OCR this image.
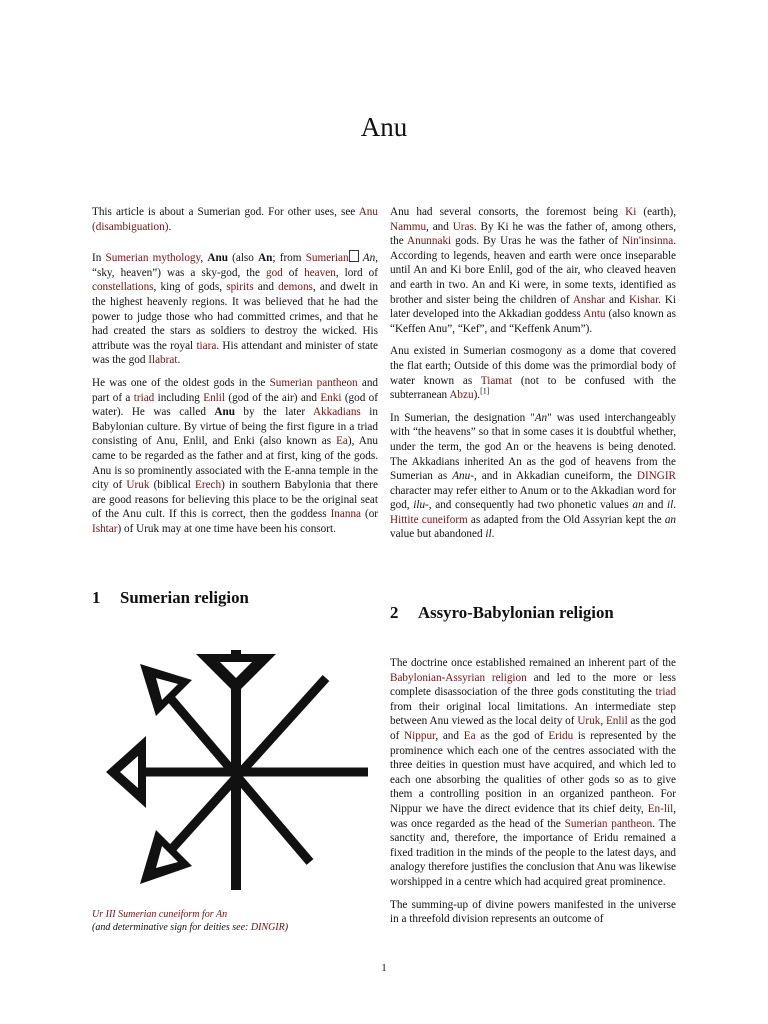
Anu

This article is about a Sumerian god. For other uses, see Anu (disambiguation).

In Sumerian mythology, Anu (also An; from Sumerian An, “sky, heaven”) was a sky-god, the god of heaven, lord of constellations, king of gods, spirits and demons, and dwelt in the highest heavenly regions. It was believed that he had the power to judge those who had committed crimes, and that he had created the stars as soldiers to destroy the wicked. His attribute was the royal tiara. His attendant and minister of state was the god Ilabrat.

He was one of the oldest gods in the Sumerian pantheon and part of a triad including Enlil (god of the air) and Enki (god of water). He was called Anu by the later Akkadians in Babylonian culture. By virtue of being the first figure in a triad consisting of Anu, Enlil, and Enki (also known as Ea), Anu came to be regarded as the father and at first, king of the gods. Anu is so prominently associated with the E-anna temple in the city of Uruk (biblical Erech) in southern Babylonia that there are good reasons for believing this place to be the original seat of the Anu cult. If this is correct, then the goddess Inanna (or Ishtar) of Uruk may at one time have been his consort.

Anu had several consorts, the foremost being Ki (earth), Nammu, and Uras. By Ki he was the father of, among others, the Anunnaki gods. By Uras he was the father of Nin'insinna. According to legends, heaven and earth were once inseparable until An and Ki bore Enlil, god of the air, who cleaved heaven and earth in two. An and Ki were, in some texts, identified as brother and sister being the children of Anshar and Kishar. Ki later developed into the Akkadian goddess Antu (also known as “Keffen Anu”, “Kef”, and “Keffenk Anum”).

Anu existed in Sumerian cosmogony as a dome that covered the flat earth; Outside of this dome was the primordial body of water known as Tiamat (not to be confused with the subterranean Abzu).[1]

In Sumerian, the designation "An" was used interchangeably with “the heavens” so that in some cases it is doubtful whether, under the term, the god An or the heavens is being denoted. The Akkadians inherited An as the god of heavens from the Sumerian as Anu-, and in Akkadian cuneiform, the DINGIR character may refer either to Anum or to the Akkadian word for god, ilu-, and consequently had two phonetic values an and il. Hittite cuneiform as adapted from the Old Assyrian kept the an value but abandoned il.

1 Sumerian religion
2 Assyro-Babylonian religion
Ur III Sumerian cuneiform for An
(and determinative sign for deities see: DINGIR)

The doctrine once established remained an inherent part of the Babylonian-Assyrian religion and led to the more or less complete disassociation of the three gods constituting the triad from their original local limitations. An intermediate step between Anu viewed as the local deity of Uruk, Enlil as the god of Nippur, and Ea as the god of Eridu is represented by the prominence which each one of the centres associated with the three deities in question must have acquired, and which led to each one absorbing the qualities of other gods so as to give them a controlling position in an organized pantheon. For Nippur we have the direct evidence that its chief deity, En-lil, was once regarded as the head of the Sumerian pantheon. The sanctity and, therefore, the importance of Eridu remained a fixed tradition in the minds of the people to the latest days, and analogy therefore justifies the conclusion that Anu was likewise worshipped in a centre which had acquired great prominence.

The summing-up of divine powers manifested in the universe in a threefold division represents an outcome of

1
